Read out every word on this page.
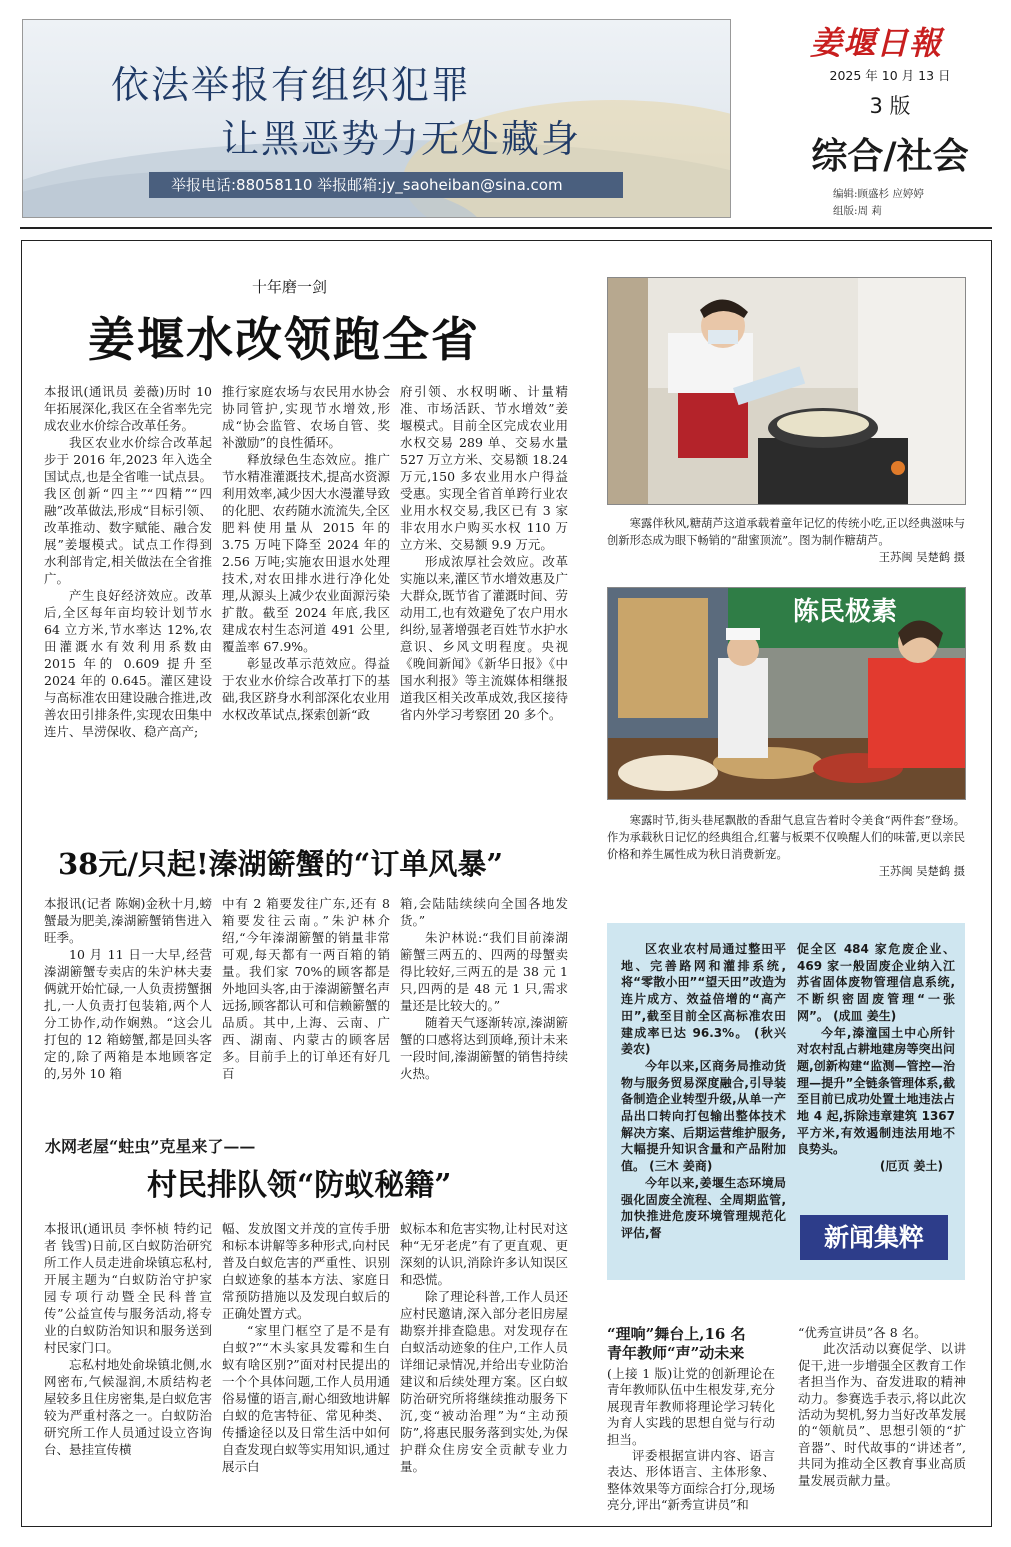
依法举报有组织犯罪
让黑恶势力无处藏身
举报电话:88058110 举报邮箱:jy_saoheiban@sina.com
姜堰日報
2025 年 10 月 13 日
3 版
综合/社会
编辑:顾盛杉 应婷婷
组版:周 莉
十年磨一剑
姜堰水改领跑全省

本报讯(通讯员 姜薇)历时 10 年拓展深化,我区在全省率先完成农业水价综合改革任务。

我区农业水价综合改革起步于 2016 年,2023 年入选全国试点,也是全省唯一试点县。我区创新“四主”“四精”“四融”改革做法,形成“目标引领、改革推动、数字赋能、融合发展”姜堰模式。试点工作得到水利部肯定,相关做法在全省推广。

产生良好经济效应。改革后,全区每年亩均较计划节水 64 立方米,节水率达 12%,农田灌溉水有效利用系数由 2015 年的 0.609 提升至 2024 年的 0.645。灌区建设与高标准农田建设融合推进,改善农田引排条件,实现农田集中连片、旱涝保收、稳产高产;

推行家庭农场与农民用水协会协同管护,实现节水增效,形成“协会监管、农场自管、奖补激励”的良性循环。

释放绿色生态效应。推广节水精准灌溉技术,提高水资源利用效率,减少因大水漫灌导致的化肥、农药随水流流失,全区肥料使用量从 2015 年的 3.75 万吨下降至 2024 年的 2.56 万吨;实施农田退水处理技术,对农田排水进行净化处理,从源头上减少农业面源污染扩散。截至 2024 年底,我区建成农村生态河道 491 公里,覆盖率 67.9%。

彰显改革示范效应。得益于农业水价综合改革打下的基础,我区跻身水利部深化农业用水权改革试点,探索创新“政

府引领、水权明晰、计量精准、市场活跃、节水增效”姜堰模式。目前全区完成农业用水权交易 289 单、交易水量 527 万立方米、交易额 18.24 万元,150 多农业用水户得益受惠。实现全省首单跨行业农业用水权交易,我区已有 3 家非农用水户购买水权 110 万立方米、交易额 9.9 万元。

形成浓厚社会效应。改革实施以来,灌区节水增效惠及广大群众,既节省了灌溉时间、劳动用工,也有效避免了农户用水纠纷,显著增强老百姓节水护水意识、乡风文明程度。央视《晚间新闻》《新华日报》《中国水利报》等主流媒体相继报道我区相关改革成效,我区接待省内外学习考察团 20 多个。

寒露伴秋风,糖葫芦这道承载着童年记忆的传统小吃,正以经典滋味与创新形态成为眼下畅销的“甜蜜顶流”。图为制作糖葫芦。

王苏闽 吴楚鹤 摄
陈民极素

寒露时节,街头巷尾飘散的香甜气息宣告着时令美食“两件套”登场。作为承载秋日记忆的经典组合,红薯与板栗不仅唤醒人们的味蕾,更以亲民价格和养生属性成为秋日消费新宠。

王苏闽 吴楚鹤 摄
38元/只起!溱湖簖蟹的“订单风暴”

本报讯(记者 陈娴)金秋十月,螃蟹最为肥美,溱湖簖蟹销售进入旺季。

10 月 11 日一大早,经营溱湖簖蟹专卖店的朱沪林夫妻俩就开始忙碌,一人负责捞蟹捆扎,一人负责打包装箱,两个人分工协作,动作娴熟。“这会儿打包的 12 箱螃蟹,都是回头客定的,除了两箱是本地顾客定的,另外 10 箱

中有 2 箱要发往广东,还有 8 箱要发往云南。”朱沪林介绍,“今年溱湖簖蟹的销量非常可观,每天都有一两百箱的销量。我们家 70%的顾客都是外地回头客,由于溱湖簖蟹名声远扬,顾客都认可和信赖簖蟹的品质。其中,上海、云南、广西、湖南、内蒙古的顾客居多。目前手上的订单还有好几百

箱,会陆陆续续向全国各地发货。”

朱沪林说:“我们目前溱湖簖蟹三两五的、四两的母蟹卖得比较好,三两五的是 38 元 1 只,四两的是 48 元 1 只,需求量还是比较大的。”

随着天气逐渐转凉,溱湖簖蟹的口感将达到顶峰,预计未来一段时间,溱湖簖蟹的销售持续火热。

水网老屋“蛀虫”克星来了——
村民排队领“防蚁秘籍”

本报讯(通讯员 李怀桢 特约记者 钱雪)日前,区白蚁防治研究所工作人员走进俞垛镇忘私村,开展主题为“白蚁防治守护家园专项行动暨全民科普宣传”公益宣传与服务活动,将专业的白蚁防治知识和服务送到村民家门口。

忘私村地处俞垛镇北侧,水网密布,气候湿润,木质结构老屋较多且住房密集,是白蚁危害较为严重村落之一。白蚁防治研究所工作人员通过设立咨询台、悬挂宣传横

幅、发放图文并茂的宣传手册和标本讲解等多种形式,向村民普及白蚁危害的严重性、识别白蚁迹象的基本方法、家庭日常预防措施以及发现白蚁后的正确处置方式。

“家里门框空了是不是有白蚁?”“木头家具发霉和生白蚁有啥区别?”面对村民提出的一个个具体问题,工作人员用通俗易懂的语言,耐心细致地讲解白蚁的危害特征、常见种类、传播途径以及日常生活中如何自查发现白蚁等实用知识,通过展示白

蚁标本和危害实物,让村民对这种“无牙老虎”有了更直观、更深刻的认识,消除许多认知误区和恐慌。

除了理论科普,工作人员还应村民邀请,深入部分老旧房屋勘察并排查隐患。对发现存在白蚁活动迹象的住户,工作人员详细记录情况,并给出专业防治建议和后续处理方案。区白蚁防治研究所将继续推动服务下沉,变“被动治理”为“主动预防”,将惠民服务落到实处,为保护群众住房安全贡献专业力量。

区农业农村局通过整田平地、完善路网和灌排系统,将“零散小田”“望天田”改造为连片成方、效益倍增的“高产田”,截至目前全区高标准农田建成率已达 96.3%。 (秋兴 姜农)

今年以来,区商务局推动货物与服务贸易深度融合,引导装备制造企业转型升级,从单一产品出口转向打包输出整体技术解决方案、后期运营维护服务,大幅提升知识含量和产品附加值。 (三木 姜商)

今年以来,姜堰生态环境局强化固废全流程、全周期监管,加快推进危废环境管理规范化评估,督

促全区 484 家危废企业、469 家一般固废企业纳入江苏省固体废物管理信息系统,不断织密固废管理“一张网”。 (成皿 姜生)

今年,溱潼国土中心所针对农村乱占耕地建房等突出问题,创新构建“监测—管控—治理—提升”全链条管理体系,截至目前已成功处置土地违法占地 4 起,拆除违章建筑 1367 平方米,有效遏制违法用地不良势头。

(厄页 姜土)
新闻集粹
“理响”舞台上,16 名
青年教师“声”动未来

(上接 1 版)让党的创新理论在青年教师队伍中生根发芽,充分展现青年教师将理论学习转化为育人实践的思想自觉与行动担当。

评委根据宣讲内容、语言表达、形体语言、主体形象、整体效果等方面综合打分,现场亮分,评出“新秀宣讲员”和

“优秀宣讲员”各 8 名。

此次活动以赛促学、以讲促干,进一步增强全区教育工作者担当作为、奋发进取的精神动力。参赛选手表示,将以此次活动为契机,努力当好改革发展的“领航员”、思想引领的“扩音器”、时代故事的“讲述者”,共同为推动全区教育事业高质量发展贡献力量。
